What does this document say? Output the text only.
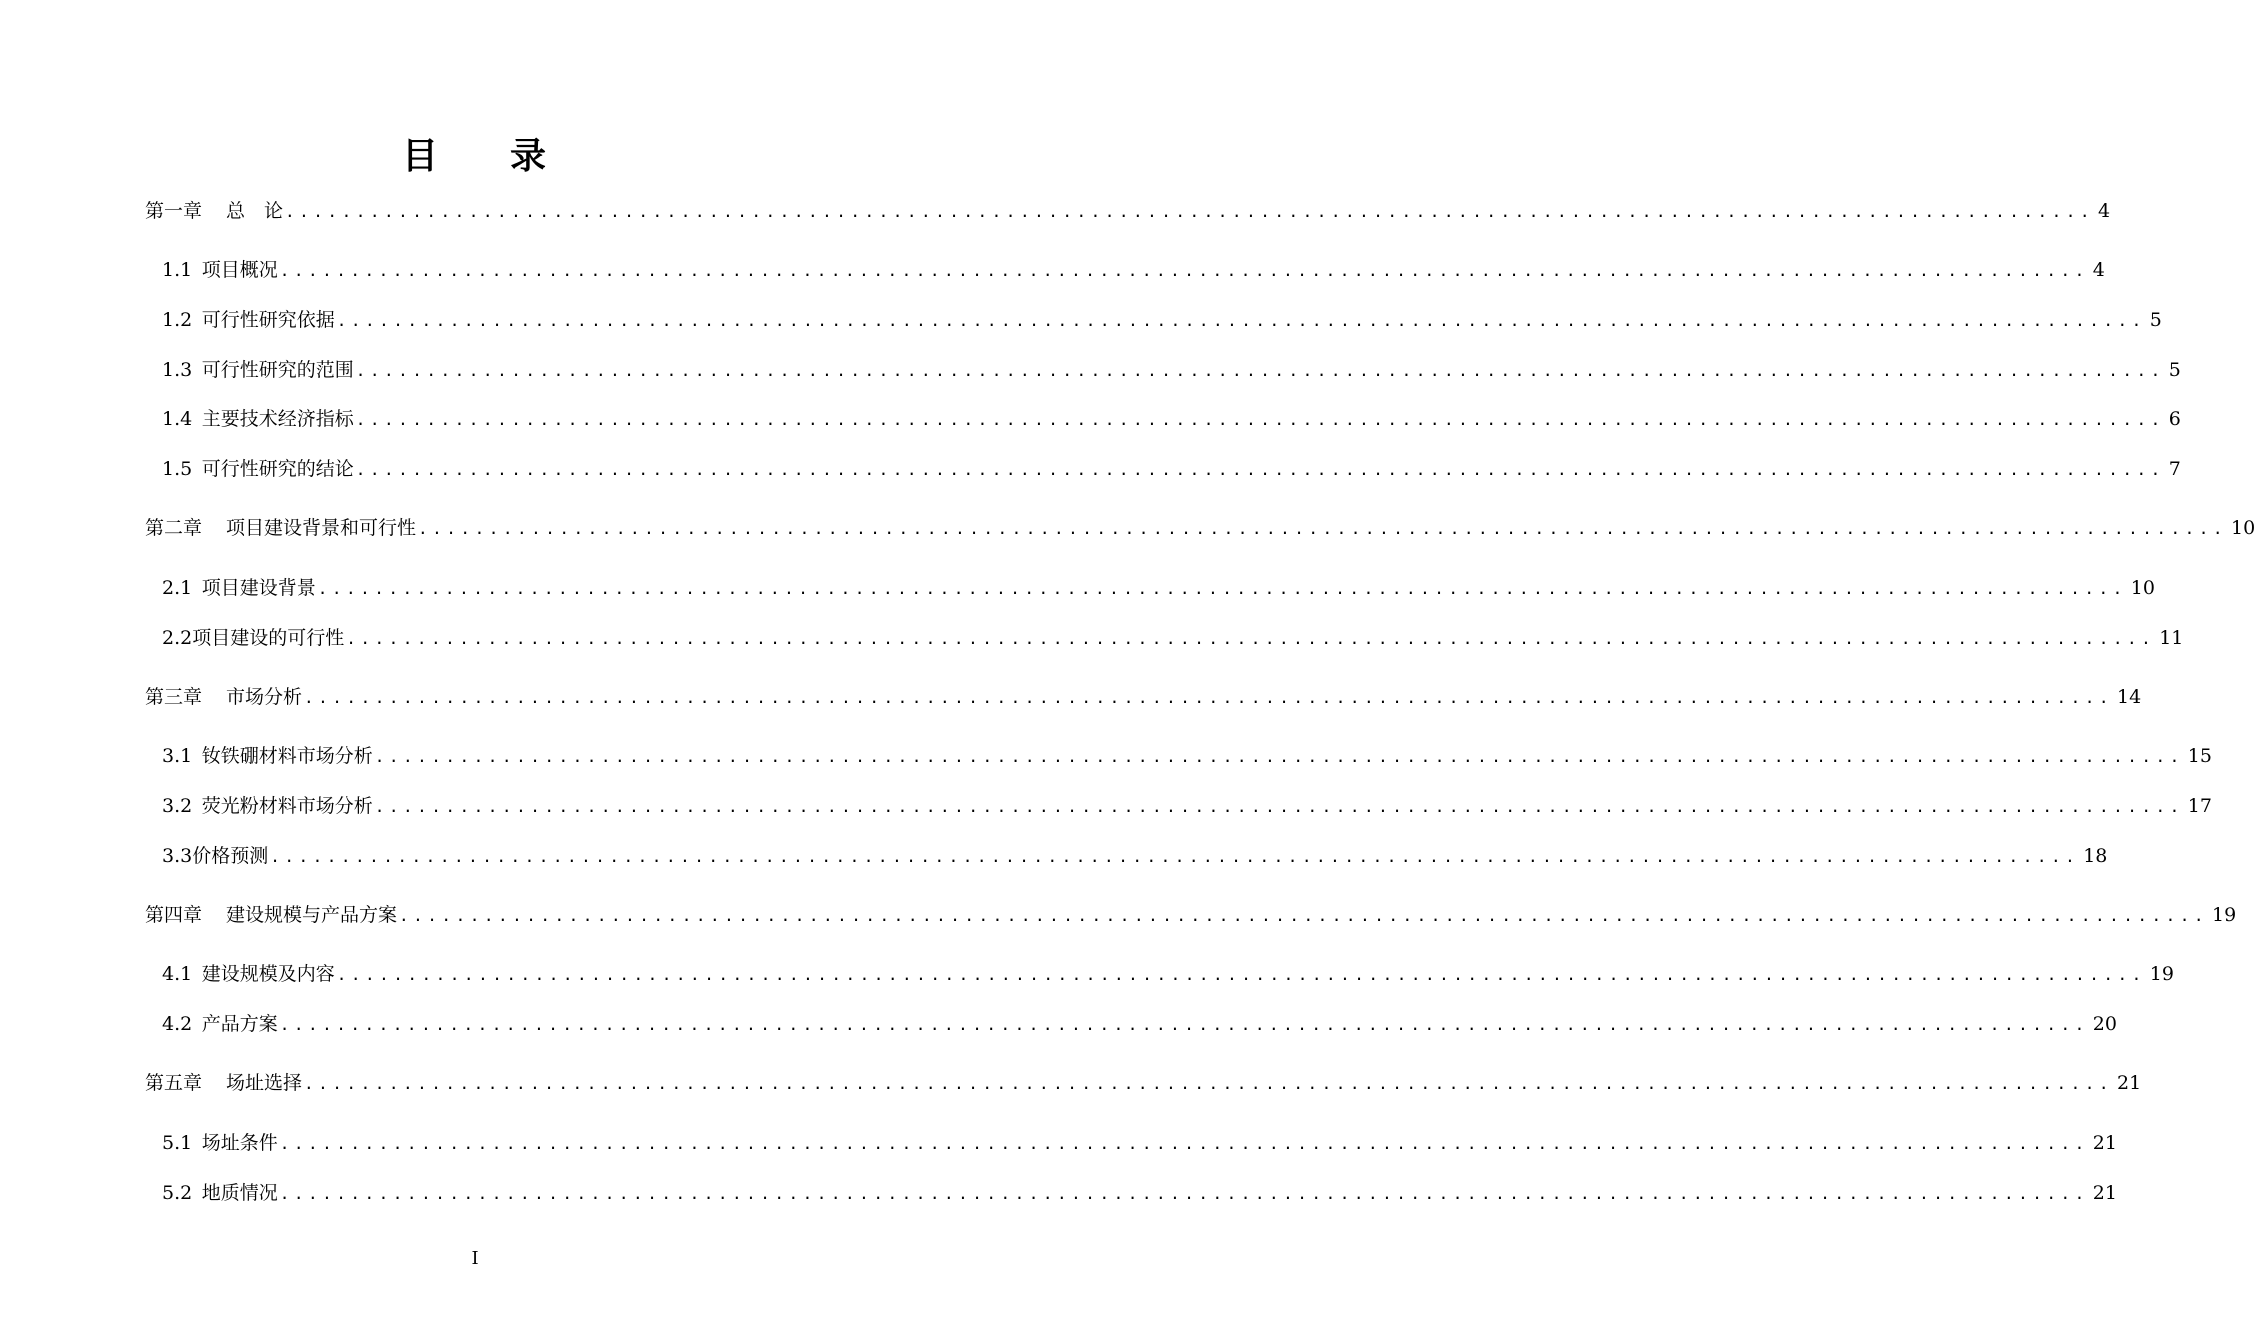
目 录
第一章 总　论 ................................................................................................................................ 4
1.1  项目概况 ................................................................................................................................ 4
1.2  可行性研究依据 ................................................................................................................................ 5
1.3  可行性研究的范围 ................................................................................................................................ 5
1.4  主要技术经济指标 ................................................................................................................................ 6
1.5  可行性研究的结论 ................................................................................................................................ 7
第二章 项目建设背景和可行性 ................................................................................................................................ 10
2.1  项目建设背景 ................................................................................................................................ 10
2.2项目建设的可行性 ................................................................................................................................ 11
第三章 市场分析 ................................................................................................................................ 14
3.1  钕铁硼材料市场分析 ................................................................................................................................ 15
3.2  荧光粉材料市场分析 ................................................................................................................................ 17
3.3价格预测 ................................................................................................................................ 18
第四章 建设规模与产品方案 ................................................................................................................................ 19
4.1  建设规模及内容 ................................................................................................................................ 19
4.2  产品方案 ................................................................................................................................ 20
第五章 场址选择 ................................................................................................................................ 21
5.1  场址条件 ................................................................................................................................ 21
5.2  地质情况 ................................................................................................................................ 21
I
